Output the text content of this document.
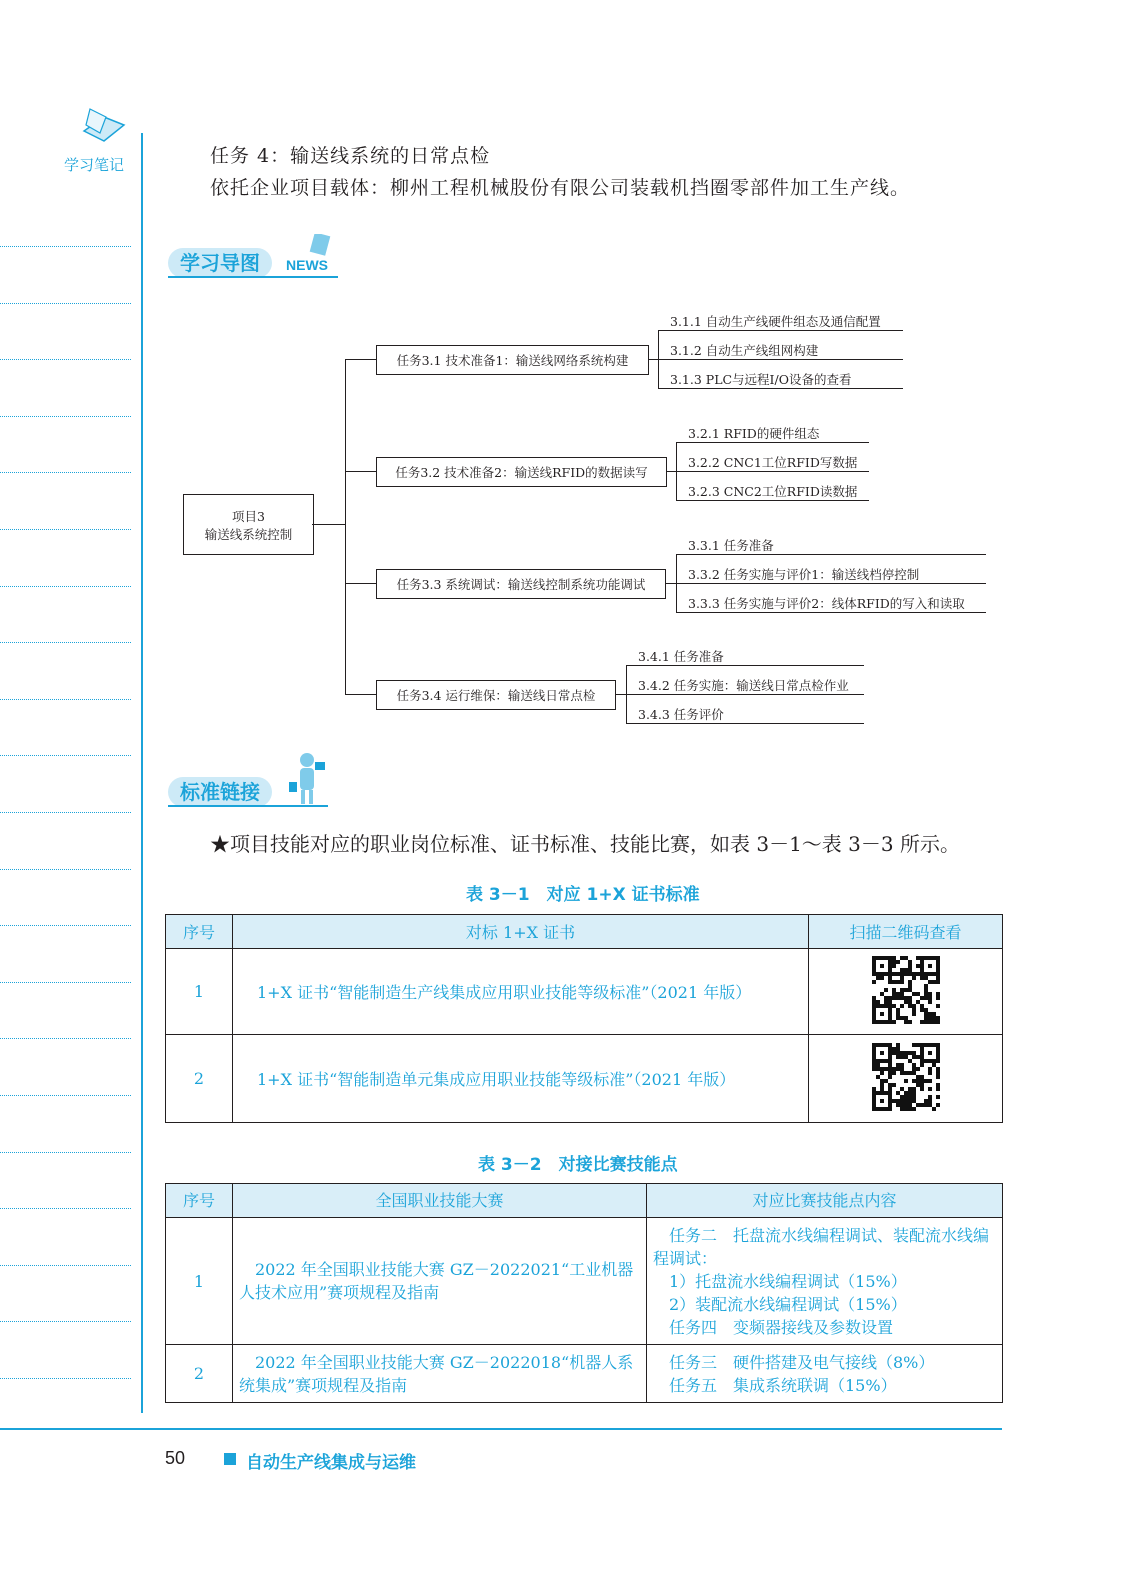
学习笔记	任务 4：输送线系统的日常点检
依托企业项目载体：柳州工程机械股份有限公司装载机挡圈零部件加工生产线。
学习导图	NEWS
项目3
输送线系统控制
任务3.1 技术准备1：输送线网络系统构建
3.1.1 自动生产线硬件组态及通信配置
3.1.2 自动生产线组网构建
3.1.3 PLC与远程I/O设备的查看
任务3.2 技术准备2：输送线RFID的数据读写
3.2.1 RFID的硬件组态
3.2.2 CNC1工位RFID写数据
3.2.3 CNC2工位RFID读数据
任务3.3 系统调试：输送线控制系统功能调试
3.3.1 任务准备
3.3.2 任务实施与评价1：输送线档停控制
3.3.3 任务实施与评价2：线体RFID的写入和读取
任务3.4 运行维保：输送线日常点检
3.4.1 任务准备
3.4.2 任务实施：输送线日常点检作业
3.4.3 任务评价
标准链接
★项目技能对应的职业岗位标准、证书标准、技能比赛，如表 3－1～表 3－3 所示。
表 3－1　对应 1+X 证书标准
序号	对标 1+X 证书	扫描二维码查看
1	1+X 证书“智能制造生产线集成应用职业技能等级标准”（2021 年版）	
2	1+X 证书“智能制造单元集成应用职业技能等级标准”（2021 年版）	
表 3－2　对接比赛技能点
序号	全国职业技能大赛	对应比赛技能点内容
1	　2022 年全国职业技能大赛 GZ－2022021“工业机器人技术应用”赛项规程及指南	　任务二　托盘流水线编程调试、装配流水线编程调试：
　1）托盘流水线编程调试（15%）
　2）装配流水线编程调试（15%）
　任务四　变频器接线及参数设置

2	　2022 年全国职业技能大赛 GZ－2022018“机器人系统集成”赛项规程及指南	　任务三　硬件搭建及电气接线（8%）
　任务五　集成系统联调（15%）
50	自动生产线集成与运维
